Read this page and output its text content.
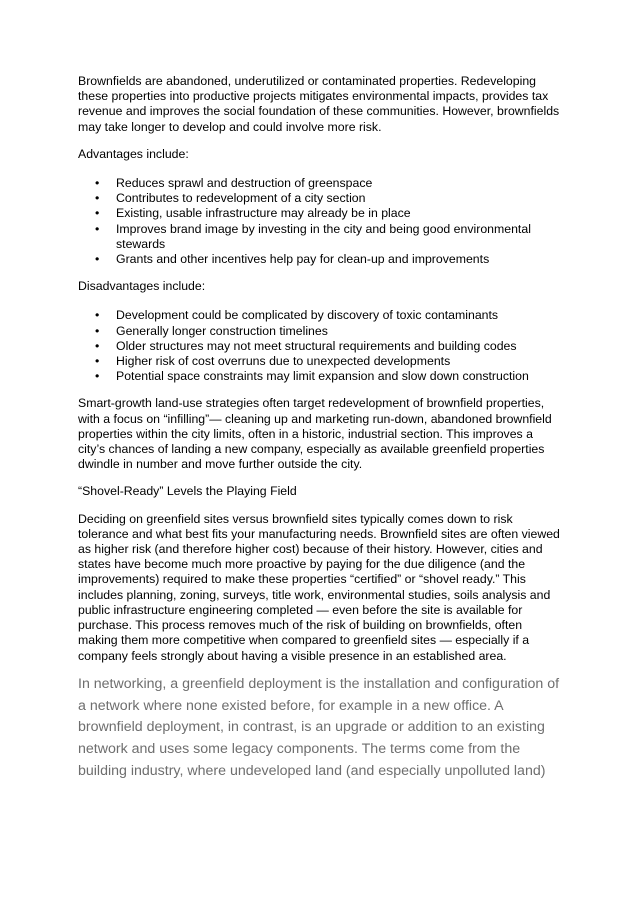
Brownfields are abandoned, underutilized or contaminated properties. Redeveloping these properties into productive projects mitigates environmental impacts, provides tax revenue and improves the social foundation of these communities. However, brownfields may take longer to develop and could involve more risk.

Advantages include:

• Reduces sprawl and destruction of greenspace
• Contributes to redevelopment of a city section
• Existing, usable infrastructure may already be in place
• Improves brand image by investing in the city and being good environmental stewards
• Grants and other incentives help pay for clean-up and improvements

Disadvantages include:

• Development could be complicated by discovery of toxic contaminants
• Generally longer construction timelines
• Older structures may not meet structural requirements and building codes
• Higher risk of cost overruns due to unexpected developments
• Potential space constraints may limit expansion and slow down construction

Smart-growth land-use strategies often target redevelopment of brownfield properties, with a focus on “infilling”— cleaning up and marketing run-down, abandoned brownfield properties within the city limits, often in a historic, industrial section. This improves a city’s chances of landing a new company, especially as available greenfield properties dwindle in number and move further outside the city.

“Shovel-Ready” Levels the Playing Field

Deciding on greenfield sites versus brownfield sites typically comes down to risk tolerance and what best fits your manufacturing needs. Brownfield sites are often viewed as higher risk (and therefore higher cost) because of their history. However, cities and states have become much more proactive by paying for the due diligence (and the improvements) required to make these properties “certified” or “shovel ready.” This includes planning, zoning, surveys, title work, environmental studies, soils analysis and public infrastructure engineering completed — even before the site is available for purchase. This process removes much of the risk of building on brownfields, often making them more competitive when compared to greenfield sites — especially if a company feels strongly about having a visible presence in an established area.

In networking, a greenfield deployment is the installation and configuration of a network where none existed before, for example in a new office. A brownfield deployment, in contrast, is an upgrade or addition to an existing network and uses some legacy components. The terms come from the building industry, where undeveloped land (and especially unpolluted land)
